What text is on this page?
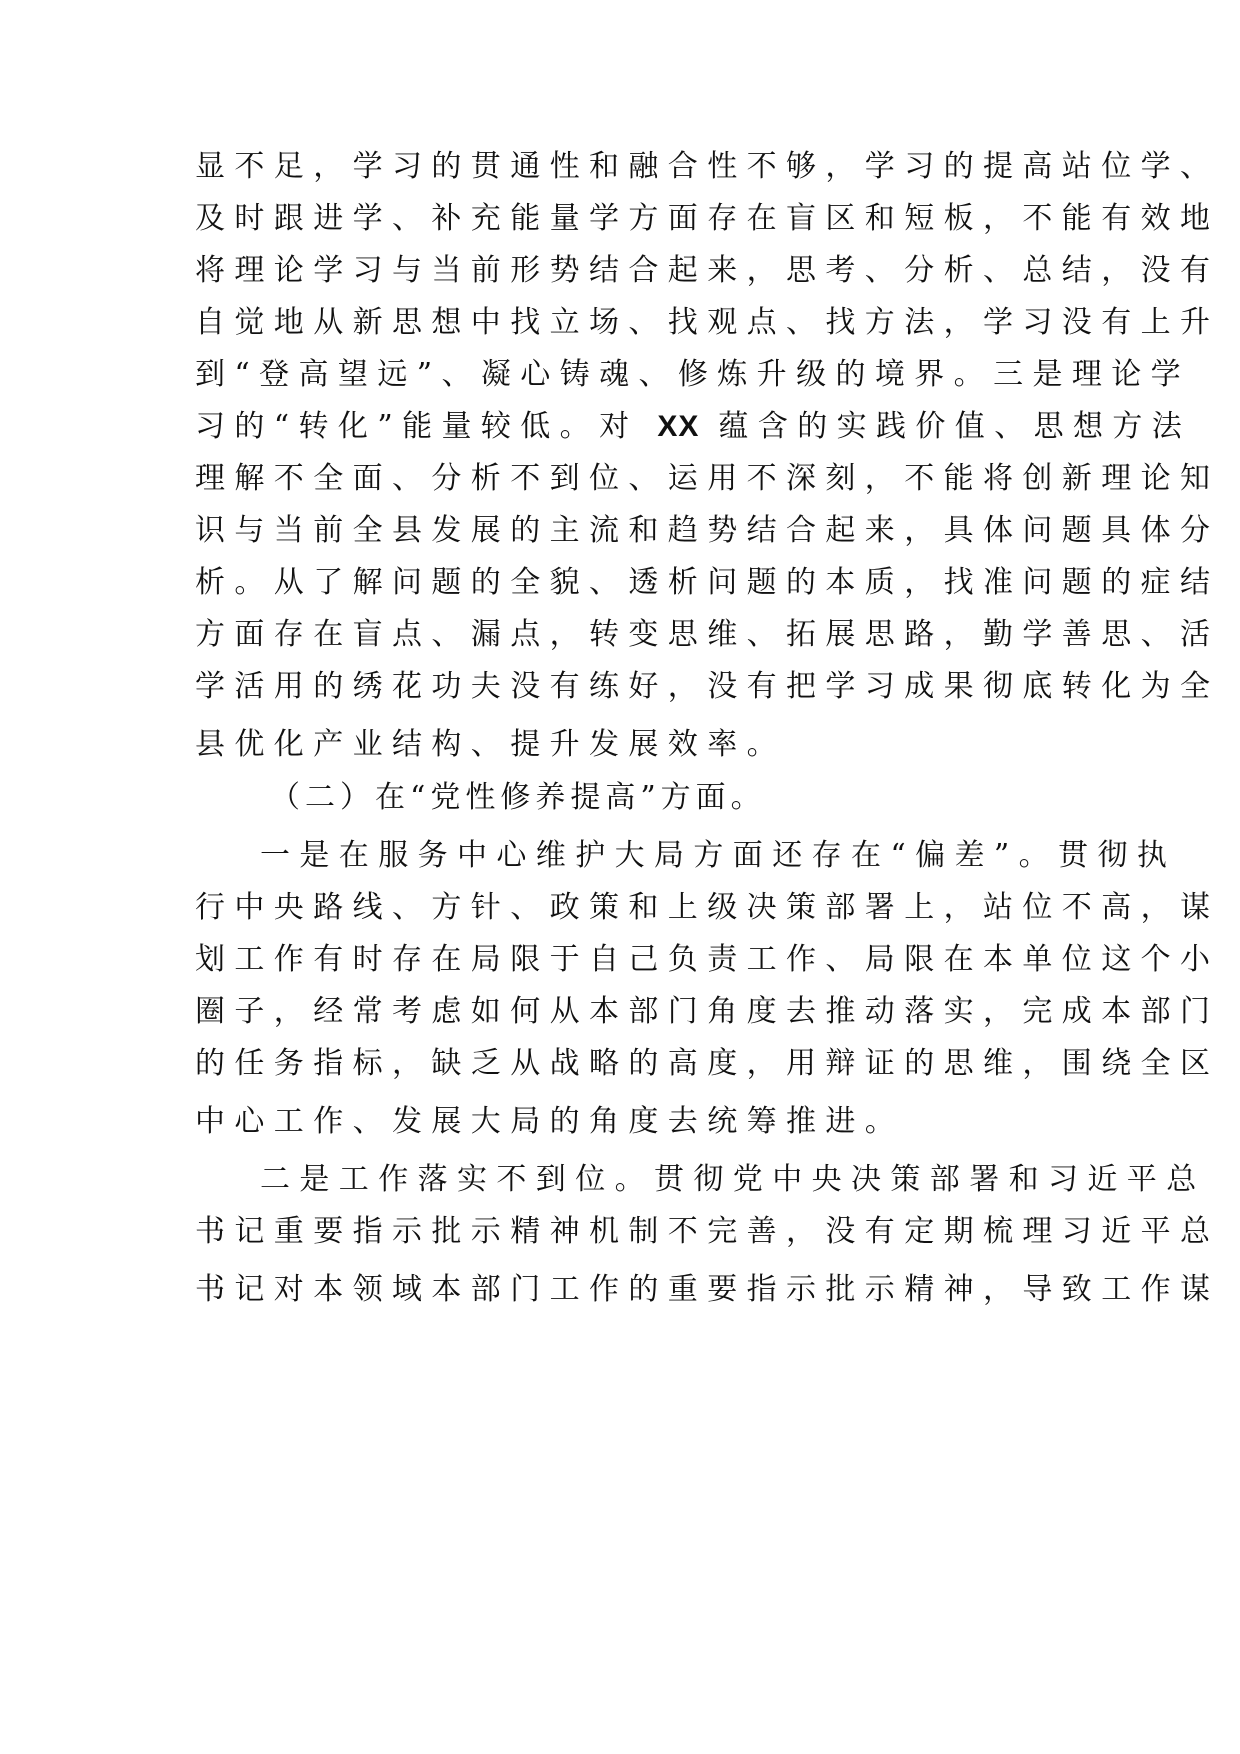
显不足，学习的贯通性和融合性不够，学习的提高站位学、

及时跟进学、补充能量学方面存在盲区和短板，不能有效地

将理论学习与当前形势结合起来，思考、分析、总结，没有

自觉地从新思想中找立场、找观点、找方法，学习没有上升

到“登高望远”、凝心铸魂、修炼升级的境界。三是理论学

习的“转化”能量较低。对 XX 蕴含的实践价值、思想方法

理解不全面、分析不到位、运用不深刻，不能将创新理论知

识与当前全县发展的主流和趋势结合起来，具体问题具体分

析。从了解问题的全貌、透析问题的本质，找准问题的症结

方面存在盲点、漏点，转变思维、拓展思路，勤学善思、活

学活用的绣花功夫没有练好，没有把学习成果彻底转化为全

县优化产业结构、提升发展效率。

（二）在“党性修养提高”方面。

一是在服务中心维护大局方面还存在“偏差”。贯彻执

行中央路线、方针、政策和上级决策部署上，站位不高，谋

划工作有时存在局限于自己负责工作、局限在本单位这个小

圈子，经常考虑如何从本部门角度去推动落实，完成本部门

的任务指标，缺乏从战略的高度，用辩证的思维，围绕全区

中心工作、发展大局的角度去统筹推进。

二是工作落实不到位。贯彻党中央决策部署和习近平总

书记重要指示批示精神机制不完善，没有定期梳理习近平总

书记对本领域本部门工作的重要指示批示精神，导致工作谋
